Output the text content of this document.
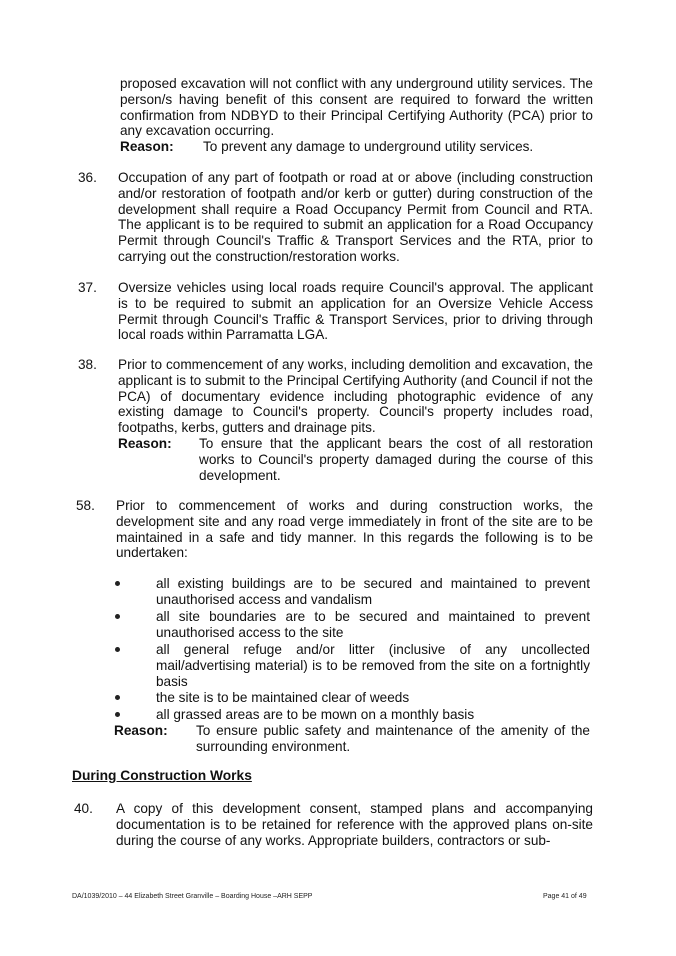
proposed excavation will not conflict with any underground utility services. The person/s having benefit of this consent are required to forward the written confirmation from NDBYD to their Principal Certifying Authority (PCA) prior to any excavation occurring.
Reason: To prevent any damage to underground utility services.
36. Occupation of any part of footpath or road at or above (including construction and/or restoration of footpath and/or kerb or gutter) during construction of the development shall require a Road Occupancy Permit from Council and RTA. The applicant is to be required to submit an application for a Road Occupancy Permit through Council's Traffic & Transport Services and the RTA, prior to carrying out the construction/restoration works.
37. Oversize vehicles using local roads require Council's approval. The applicant is to be required to submit an application for an Oversize Vehicle Access Permit through Council's Traffic & Transport Services, prior to driving through local roads within Parramatta LGA.
38. Prior to commencement of any works, including demolition and excavation, the applicant is to submit to the Principal Certifying Authority (and Council if not the PCA) of documentary evidence including photographic evidence of any existing damage to Council's property. Council's property includes road, footpaths, kerbs, gutters and drainage pits.
Reason: To ensure that the applicant bears the cost of all restoration works to Council's property damaged during the course of this development.
58. Prior to commencement of works and during construction works, the development site and any road verge immediately in front of the site are to be maintained in a safe and tidy manner. In this regards the following is to be undertaken:
all existing buildings are to be secured and maintained to prevent unauthorised access and vandalism
all site boundaries are to be secured and maintained to prevent unauthorised access to the site
all general refuge and/or litter (inclusive of any uncollected mail/advertising material) is to be removed from the site on a fortnightly basis
the site is to be maintained clear of weeds
all grassed areas are to be mown on a monthly basis
Reason: To ensure public safety and maintenance of the amenity of the surrounding environment.
During Construction Works
40. A copy of this development consent, stamped plans and accompanying documentation is to be retained for reference with the approved plans on-site during the course of any works. Appropriate builders, contractors or sub-
DA/1039/2010 – 44 Elizabeth Street Granville – Boarding House –ARH SEPP	Page 41 of 49
